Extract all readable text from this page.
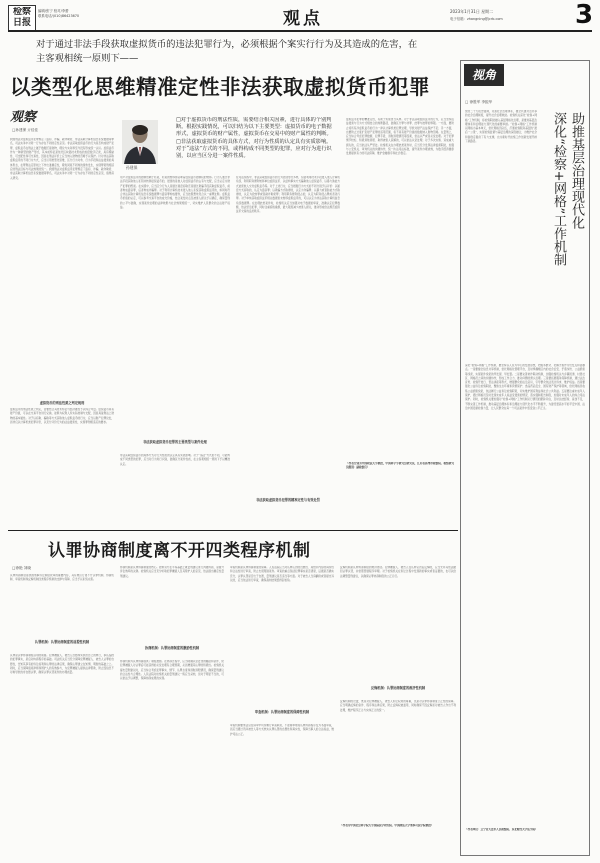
检察日报
编辑/张宁 校对/李蕾
联系电话/(010)86423670	观点	2023年1月31日 星期二
电子信箱：zhangning@jcrb.com	3
对于通过非法手段获取虚拟货币的违法犯罪行为，必须根据个案实行行为及其造成的危害，在主客观相统一原则下——
以类型化思维精准定性非法获取虚拟货币犯罪
观察
□孙建保 亓佳佳
孙建保
□对于虚拟货币的刑法性质，需要结合相关因素，进行具体的个别判断。根据实践情况，可以归结为以下主要类型：虚拟货币的电子数据形式，虚拟货币的财产属性，虚拟货币在交易中的财产属性的判断。□非法获取虚拟货币的具体方式，对行为性质的认定具有实质影响。对于“违法”方式的不同，或得构成不同类型的犯罪，应对行为进行识别，以应当区分进一案件性质。
我国刑法对虚拟货币犯罪规定了盗窃、诈骗、敲诈勒索、非法获取计算机信息系统数据等罪名，司法实务中对同一行为存在不同的定性意见。非法获取虚拟货币的行为是否构成财产犯罪，虚拟货币在刑法上属于数据还是财物，理论与实务界至今没有形成统一认识。虚拟货币作为一种新型的财产形式，其本质特征是依托区块链技术形成的加密数字记录，具有稀缺性、可支配性和可交易性，因而在刑法评价上应当纳入财物的范畴予以保护。针对非法获取虚拟货币的不同行为方式，应当运用类型化思维，区分行为对象、行为手段和法益侵害的具体形态，在罪刑法定原则之下作出准确定性，避免同案不同判的现象发生，实现罪责刑相适应的刑法目标与司法效果的统一。我国刑法对虚拟货币犯罪规定了盗窃、诈骗、敲诈勒索、非法获取计算机信息系统数据等罪名，司法实务中对同一行为存在不同的定性意见，值得深入研究。
虚拟货币的刑法性质之判定规则
虚拟货币的刑法性质之判定，需要结合其技术特征与经济属性予以综合考量。虚拟货币具有财产价值，可以在交易平台进行兑换，能够为权利人所实际控制与支配，因而具备刑法上财物的基本属性。对于以窃取、骗取等方式获取他人虚拟货币的行为，应当以财产犯罪论处，而非仅以计算机类犯罪评价，以充分评价行为的法益侵害性，实现罪刑相适应的要求。
用户对虚拟货币的控制依赖于私钥，私钥的转移即意味着虚拟货币控制权的转移。行为人通过非法手段获取他人私钥并转移虚拟货币的，侵害的是他人对虚拟货币的占有与支配，应当认定为财产犯罪的既遂。在实践中，应当区分行为人是通过秘密窃取还是通过欺骗手段获取虚拟货币，前者构成盗窃罪，后者构成诈骗罪。对于利用计算机技术侵入他人系统获取虚拟货币的，如同时符合非法获取计算机信息系统数据罪与盗窃罪构成要件，应当按照想象竞合从一重罪处断。虚拟货币价值的认定，可以参考交易平台的成交价格，结合案发时点及被害人损失予以确定，确保量刑的公平与准确，实现案件处理的法律效果与社会效果相统一，切实维护人民群众的合法财产权益。
非法获取虚拟货币犯罪的主要类型与案件处理
非法获取虚拟货币的具体方式对行为性质的认定具有实质影响。对于“违法”方式的不同，可能构成不同类型的犯罪，应当对行为进行识别，准确区分案件性质，在主客观相统一原则下予以精准认定。
在司法实践中，非法获取虚拟货币的行为表现形式多样，包括利用技术手段侵入他人计算机系统、利用职务便利转移单位虚拟货币、以虚构事实方式骗取他人虚拟货币、以暴力胁迫方式迫使他人交付虚拟货币等。对于上述行为，应当根据行为方式的不同分别予以评价：以秘密方式窃取的，认定为盗窃罪；以欺骗方式取得的，认定为诈骗罪；以暴力或者胁迫方式取得的，认定为抢劫罪或者敲诈勒索罪；利用职务便利侵占的，认定为职务侵占罪或者贪污罪。对于单纯获取虚拟货币相关数据但未转移虚拟货币的，可以认定为非法获取计算机信息系统数据罪。在处理此类案件时，检察机关应当加强对电子数据的审查，准确认定犯罪数额，依法惩治犯罪，同时注重追赃挽损，最大限度减少被害人损失，推动形成依法规范虚拟货币交易的良好秩序。
非法获取虚拟货币犯罪的精准定性与有效处罚
虚拟货币犯罪的精准定性，有助于实现罚当其罪。对于非法获取虚拟货币的行为，应当坚持法益侵害与行为方式相结合的判断路径，准确区分罪与非罪、此罪与彼罪的界限。一方面，要防止将所有涉虚拟货币的行为一律以计算机类犯罪处理，导致对财产法益保护不足；另一方面，也要防止过度扩张财产犯罪的适用范围，将不具有财产价值的数据纳入财物范畴。在量刑上，应当综合考虑犯罪数额、犯罪手段、退赃退赔情况等因素，依法从严或者从宽处理。对于犯罪情节较轻、积极退赃退赔、取得被害人谅解的，可以依法从宽处理；对于多次实施、造成重大损失的，应当依法从严惩处。检察机关在办理此类案件时，应当充分发挥法律监督职能，加强与公安机关、审判机关的沟通协作，统一执法司法标准，提升案件办理质效，为数字经济健康发展提供有力的司法保障，维护金融秩序和社会稳定。
（作者分别为中国政法大学教授，中国科学学研究会研究员，江苏省扬州市检察院、检察研究员级别：副检察官）
认罪协商制度离不开四类程序机制
□徐艳 刘晓
认罪协商制度是我国刑事诉讼制度改革的重要内容，其有效运行离不开认罪机制、协商机制、审查机制和反悔机制四类程序机制的支撑与保障，应当予以系统完善。
认罪机制：认罪协商制度的前提性机制
认罪是认罪协商制度适用的前提。犯罪嫌疑人、被告人自愿如实供述自己的罪行，承认指控的犯罪事实，是启动协商程序的基础。司法机关应当充分保障犯罪嫌疑人、被告人认罪的自愿性，告知其享有的诉讼权利和认罪的法律后果，确保认罪建立在知情、明智的基础之上。同时，应当保障值班律师和辩护人的有效参与，为犯罪嫌疑人提供法律帮助，防止因信息不对称导致的非自愿认罪，确保认罪认罚案件的办理质量。
协商机制是认罪协商制度的核心。控辩双方在平等基础上就量刑建议进行沟通协商，是提升诉讼效率的关键。检察机关应当充分听取犯罪嫌疑人及其辩护人的意见，依法提出确定性量刑建议。
协商机制：认罪协商制度的激励性机制
协商机制为认罪协商提供了制度激励。在协商过程中，应当明确从宽处罚的幅度和条件，使犯罪嫌疑人对认罪后可能获得的从宽处理有合理预期，从而增强其认罪的积极性。检察机关提出量刑建议时，应当综合考虑犯罪事实、情节、认罪态度和退赃退赔情况，确保量刑建议的合法性与合理性。人民法院对检察机关的量刑建议一般应当采纳，但对于明显不当的，可以依法予以调整，保障协商成果的实现。
审查机制是认罪协商制度的保障。人民法院应当对认罪认罚的自愿性、具结书内容的真实性和合法性进行审查，防止出现冤错案件。审查的重点包括犯罪事实是否清楚，证据是否确实充分，认罪认罚是否出于自愿，量刑建议是否适当等方面。对于被告人当庭翻供或者提出异议的，应当依法进行审查，确保裁判结果经得起检验。
审查机制：认罪协商制度的保障性机制
审查机制要求法官在庭审中切实履行审查职责，不能简单地将认罪协商程序变为书面审查，而应当通过讯问被告人等方式核实认罪认罚的自愿性和真实性，保障当事人的合法权益，维护司法公正。
反悔机制是认罪协商制度的救济途径。犯罪嫌疑人、被告人在认罪认罚后反悔的，应当允许其依法撤回认罪认罚，并依照普通程序审理。对于检察机关在诉讼过程中发现新的事实或者证据的，也可以依法调整量刑建议，以确保认罪协商制度的公正运行。
反悔机制：认罪协商制度的救济性机制
反悔机制的设置，既是对犯罪嫌疑人、被告人诉讼权利的尊重，也是对认罪协商制度公正性的保障。应当明确反悔的条件、程序和法律后果，防止反悔权被滥用，同时确保不因反悔而对被告人作出不利处理，维护程序正义与实体正义的统一。
（作者为中国社会科学院大学国际法学研究院、中国政法大学刑事司法学院教授）
视角
□ 徐胜军 李振华
深化“检察+网格”工作机制 助推基层治理现代化
党的二十大报告强调，完善社会治理体系，健全共建共治共享的社会治理制度，提升社会治理效能。检察机关深化“检察+网格”工作机制，将检察职能融入基层网格化治理，是推进基层治理体系和治理能力现代化的重要举措。“检察+网格”工作机制以网格为基本单元，依托网格员队伍，打通检察服务基层的“最后一公里”，实现检察监督与基层治理的深度融合，为维护社会和谐稳定提供了有力支撑，也为新时代检察工作创新发展开辟了新路径。
深化“检察+网格”工作机制，要坚持以人民为中心的发展思想，把服务群众、化解矛盾作为出发点和落脚点。一是要健全信息共享机制，依托网格化管理平台，及时掌握辖区内的社会治安、矛盾纠纷、公益损害等线索，实现案件线索的早发现、早处置。二是要完善协作联动机制，加强检察机关与乡镇街道、村居社区、网格员之间的沟通协作，形成工作合力，推动问题的源头治理。三是要拓展服务保障机制，通过法治宣传、检察开放日、普法讲座等形式，增强群众的法治意识，引导群众依法表达诉求、维护权益。四是要强化公益诉讼检察职能，聚焦生态环境和资源保护、食品药品安全、国有财产保护等领域，依托网格员收集公益损害线索，依法履行公益诉讼检察职责，切实维护国家利益和社会公共利益。五是要注重未成年人保护，通过网格员及时发现未成年人权益受侵害的情况，落实强制报告制度，加强对未成年人的综合司法保护。同时，检察机关要加强对“检察+网格”工作机制运行情况的跟踪评估，及时总结经验、查找不足，不断完善工作机制，推动基层治理体系和治理能力现代化水平不断提升，为建设更高水平的平安中国、法治中国贡献检察力量，让人民群众在每一个司法案件中感受到公平正义。
（作者单位：辽宁省大连市人民检察院、东北财经大学法学院）
